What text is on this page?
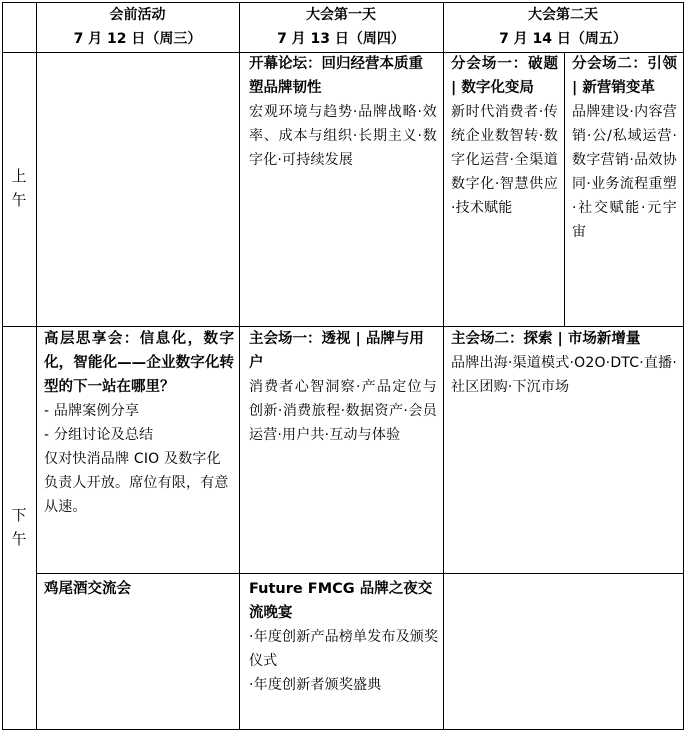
会前活动
7 月 12 日（周三）
大会第一天
7 月 13 日（周四）
大会第二天
7 月 14 日（周五）
上
午
下
午
开幕论坛：回归经营本质重塑品牌韧性
宏观环境与趋势·品牌战略·效率、成本与组织·长期主义·数字化·可持续发展
分会场一：破题 | 数字化变局
新时代消费者·传统企业数智转·数字化运营·全渠道数字化·智慧供应·技术赋能
分会场二：引领 | 新营销变革
品牌建设·内容营销·公/私域运营·数字营销·品效协同·业务流程重塑·社交赋能·元宇宙
高层思享会：信息化，数字化，智能化——企业数字化转型的下一站在哪里？
- 品牌案例分享
- 分组讨论及总结
仅对快消品牌 CIO 及数字化负责人开放。席位有限，有意从速。
主会场一：透视 | 品牌与用户
消费者心智洞察·产品定位与创新·消费旅程·数据资产·会员运营·用户共·互动与体验
主会场二：探索 | 市场新增量
品牌出海·渠道模式·O2O·DTC·直播·社区团购·下沉市场
鸡尾酒交流会	Future FMCG 品牌之夜交流晚宴
·年度创新产品榜单发布及颁奖仪式
·年度创新者颁奖盛典
